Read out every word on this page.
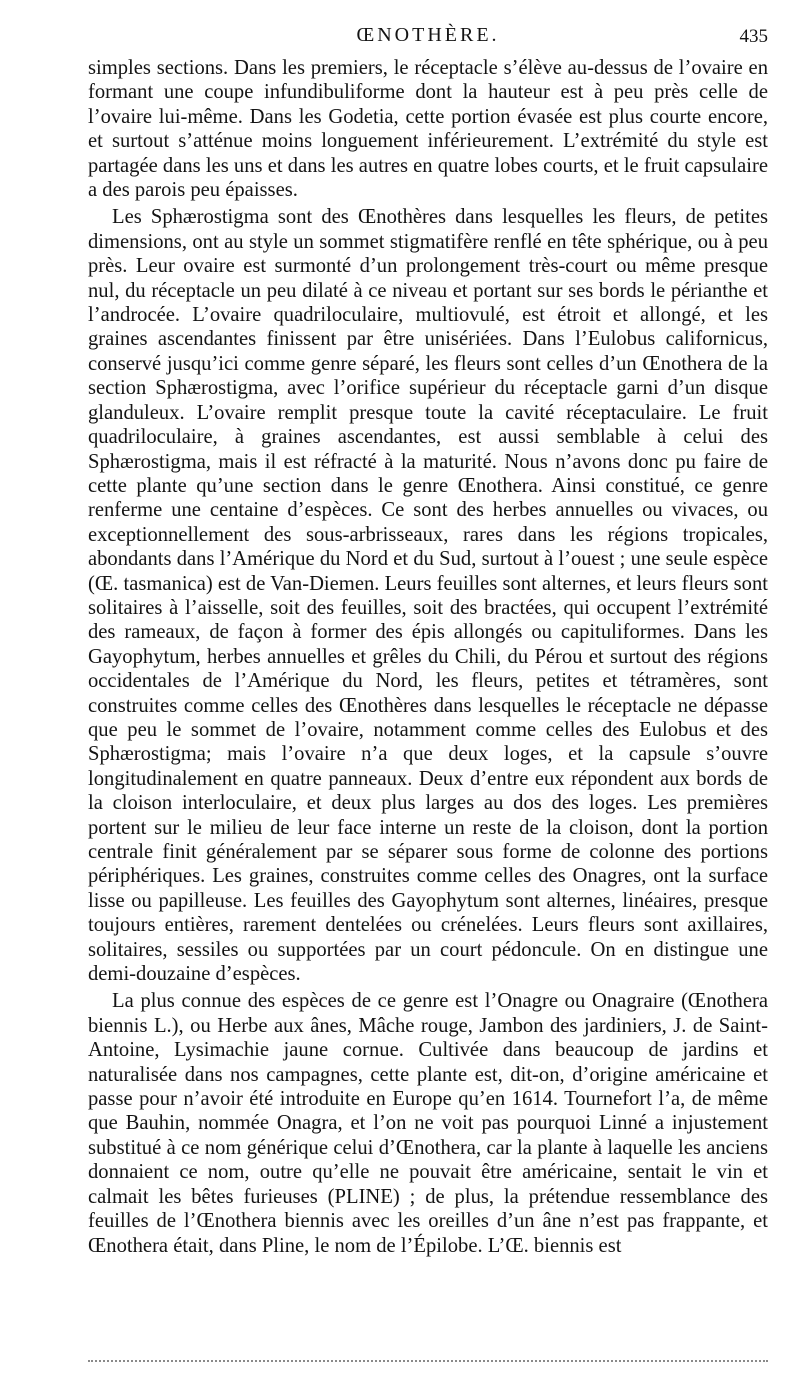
ŒNOTHÈRE.	435

simples sections. Dans les premiers, le réceptacle s’élève au-dessus de l’ovaire en formant une coupe infundibuliforme dont la hauteur est à peu près celle de l’ovaire lui-même. Dans les Godetia, cette portion évasée est plus courte encore, et surtout s’atténue moins longuement inférieurement. L’extrémité du style est partagée dans les uns et dans les autres en quatre lobes courts, et le fruit capsulaire a des parois peu épaisses.

Les Sphærostigma sont des Œnothères dans lesquelles les fleurs, de petites dimensions, ont au style un sommet stigmatifère renflé en tête sphérique, ou à peu près. Leur ovaire est surmonté d’un prolongement très-court ou même presque nul, du réceptacle un peu dilaté à ce niveau et portant sur ses bords le périanthe et l’androcée. L’ovaire quadriloculaire, multiovulé, est étroit et allongé, et les graines ascendantes finissent par être unisériées. Dans l’Eulobus californicus, conservé jusqu’ici comme genre séparé, les fleurs sont celles d’un Œnothera de la section Sphærostigma, avec l’orifice supérieur du réceptacle garni d’un disque glanduleux. L’ovaire remplit presque toute la cavité réceptaculaire. Le fruit quadriloculaire, à graines ascendantes, est aussi semblable à celui des Sphærostigma, mais il est réfracté à la maturité. Nous n’avons donc pu faire de cette plante qu’une section dans le genre Œnothera. Ainsi constitué, ce genre renferme une centaine d’espèces. Ce sont des herbes annuelles ou vivaces, ou exceptionnellement des sous-arbrisseaux, rares dans les régions tropicales, abondants dans l’Amérique du Nord et du Sud, surtout à l’ouest ; une seule espèce (Œ. tasmanica) est de Van-Diemen. Leurs feuilles sont alternes, et leurs fleurs sont solitaires à l’aisselle, soit des feuilles, soit des bractées, qui occupent l’extrémité des rameaux, de façon à former des épis allongés ou capituliformes. Dans les Gayophytum, herbes annuelles et grêles du Chili, du Pérou et surtout des régions occidentales de l’Amérique du Nord, les fleurs, petites et tétramères, sont construites comme celles des Œnothères dans lesquelles le réceptacle ne dépasse que peu le sommet de l’ovaire, notamment comme celles des Eulobus et des Sphærostigma; mais l’ovaire n’a que deux loges, et la capsule s’ouvre longitudinalement en quatre panneaux. Deux d’entre eux répondent aux bords de la cloison interloculaire, et deux plus larges au dos des loges. Les premières portent sur le milieu de leur face interne un reste de la cloison, dont la portion centrale finit généralement par se séparer sous forme de colonne des portions périphériques. Les graines, construites comme celles des Onagres, ont la surface lisse ou papilleuse. Les feuilles des Gayophytum sont alternes, linéaires, presque toujours entières, rarement dentelées ou crénelées. Leurs fleurs sont axillaires, solitaires, sessiles ou supportées par un court pédoncule. On en distingue une demi-douzaine d’espèces.

La plus connue des espèces de ce genre est l’Onagre ou Onagraire (Œnothera biennis L.), ou Herbe aux ânes, Mâche rouge, Jambon des jardiniers, J. de Saint-Antoine, Lysimachie jaune cornue. Cultivée dans beaucoup de jardins et naturalisée dans nos campagnes, cette plante est, dit-on, d’origine américaine et passe pour n’avoir été introduite en Europe qu’en 1614. Tournefort l’a, de même que Bauhin, nommée Onagra, et l’on ne voit pas pourquoi Linné a injustement substitué à ce nom générique celui d’Œnothera, car la plante à laquelle les anciens donnaient ce nom, outre qu’elle ne pouvait être américaine, sentait le vin et calmait les bêtes furieuses (PLINE) ; de plus, la prétendue ressemblance des feuilles de l’Œnothera biennis avec les oreilles d’un âne n’est pas frappante, et Œnothera était, dans Pline, le nom de l’Épilobe. L’Œ. biennis est
